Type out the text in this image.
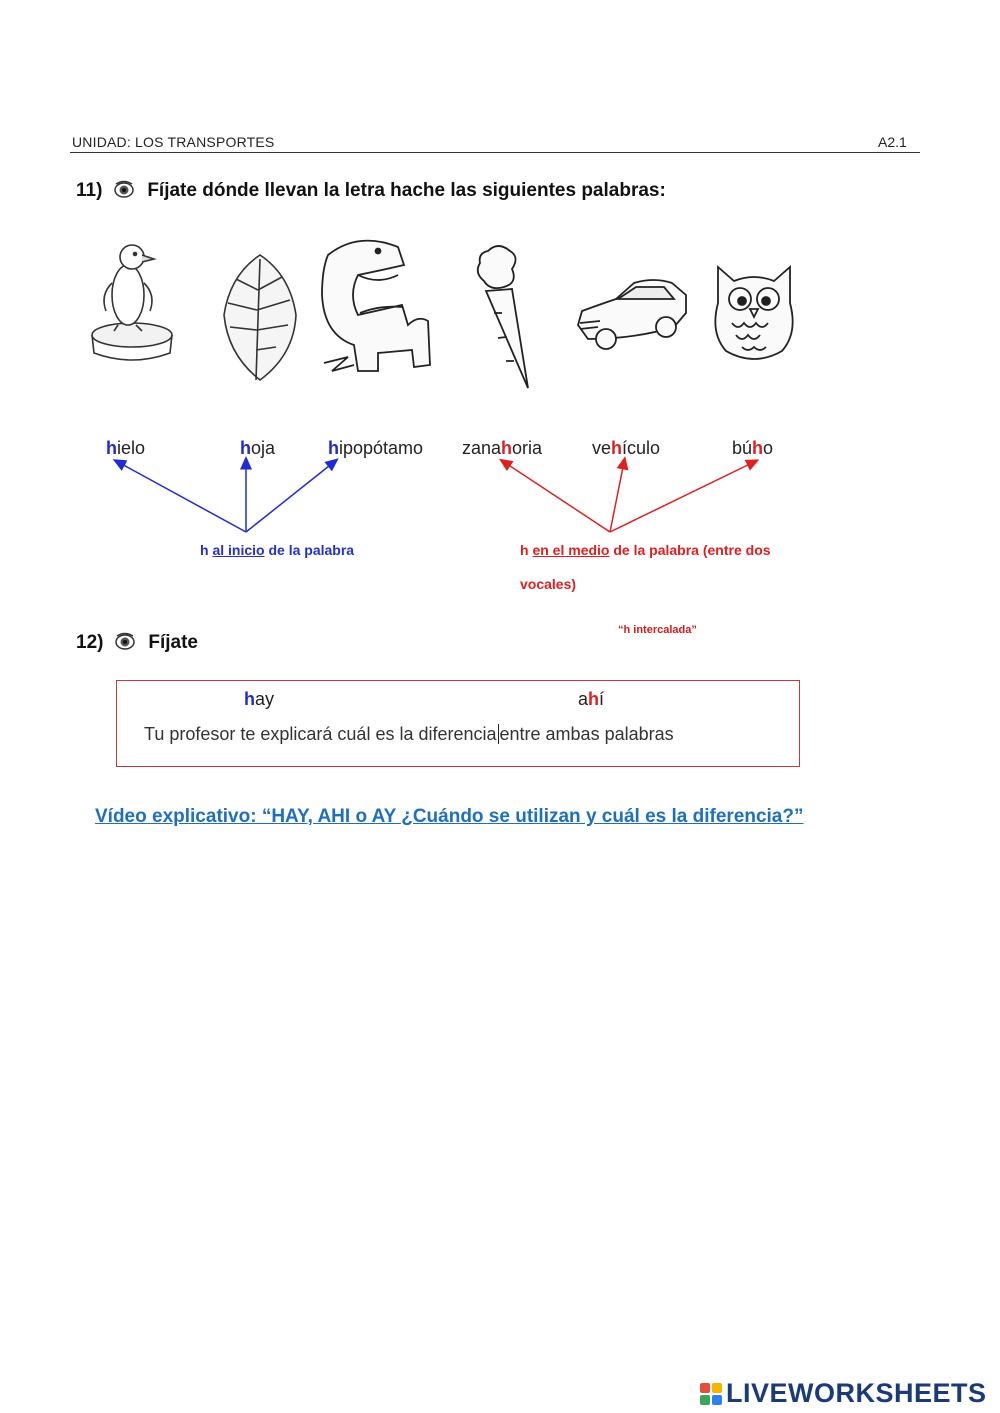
UNIDAD: LOS TRANSPORTES	A2.1
11) Fíjate dónde llevan la letra hache las siguientes palabras:
hielo	hoja	hipopótamo zanahoria	vehículo	búho
h al inicio de la palabra	h en el medio de la palabra (entre dos
vocales)
12) Fíjate
“h intercalada”
hay	ahí
Tu profesor te explicará cuál es la diferencia entre ambas palabras
Vídeo explicativo: “HAY, AHI o AY ¿Cuándo se utilizan y cuál es la diferencia?”
LIVEWORKSHEETS
